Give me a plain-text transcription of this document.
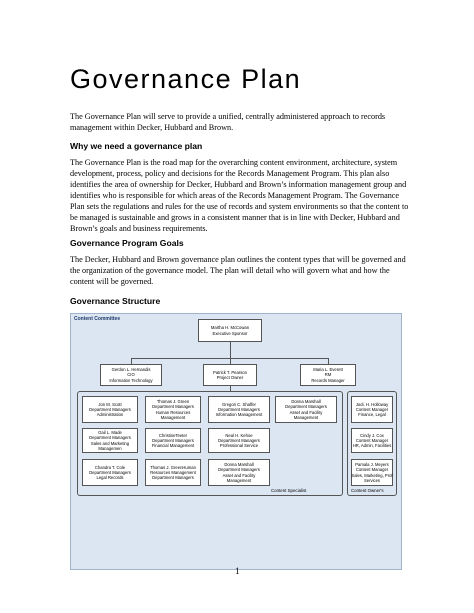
Governance Plan

The Governance Plan will serve to provide a unified, centrally administered approach to records management within Decker, Hubbard and Brown.

Why we need a governance plan

The Governance Plan is the road map for the overarching content environment, architecture, system development, process, policy and decisions for the Records Management Program. This plan also identifies the area of ownership for Decker, Hubbard and Brown’s information management group and identifies who is responsible for which areas of the Records Management Program. The Governance Plan sets the regulations and rules for the use of records and system environments so that the content to be managed is sustainable and grows in a consistent manner that is in line with Decker, Hubbard and Brown’s goals and business requirements.

Governance Program Goals

The Decker, Hubbard and Brown governance plan outlines the content types that will be governed and the organization of the governance model. The plan will detail who will govern what and how the content will be governed.

Governance Structure
Content Committee
Martha H. McCowan
Executive Sponsor
Gerdon L. Hernandis
CIO
Information Technology
Patrick T. Pearson
Project Owner
Maria L. Everett
RM
Records Manager
Content Specialist
Jon M. Scott
Department Managers
Administration
Thomas J. Green
Department Managers
Human Resources
Management
Gregori C. Shaffer
Department Managers
Information Management
Donna Marshall
Department Managers
Asset and Facility
Management
Gail L. Made
Department Managers
Sales and Marketing
Managemen
ChristineTeeter
Department Managers
Financial Management
Neal H. Kehoe
Department Managers
Professional Service
Chandra T. Cole
Department Managers
Legal Records
Thomas J. GreenHuman
Resources Management
Department Managers
Donna Marshall
Department Managers
Asset and Facility
Management
Content Owner's
Jodi. H. Holloway
Content Manager
Finance, Legal
Cindy J. Cox
Content Manager
HR, Admin, Facilities
Pamala J. Meyers
Content Manager
Sales, Marketing, Prof
Services
1
